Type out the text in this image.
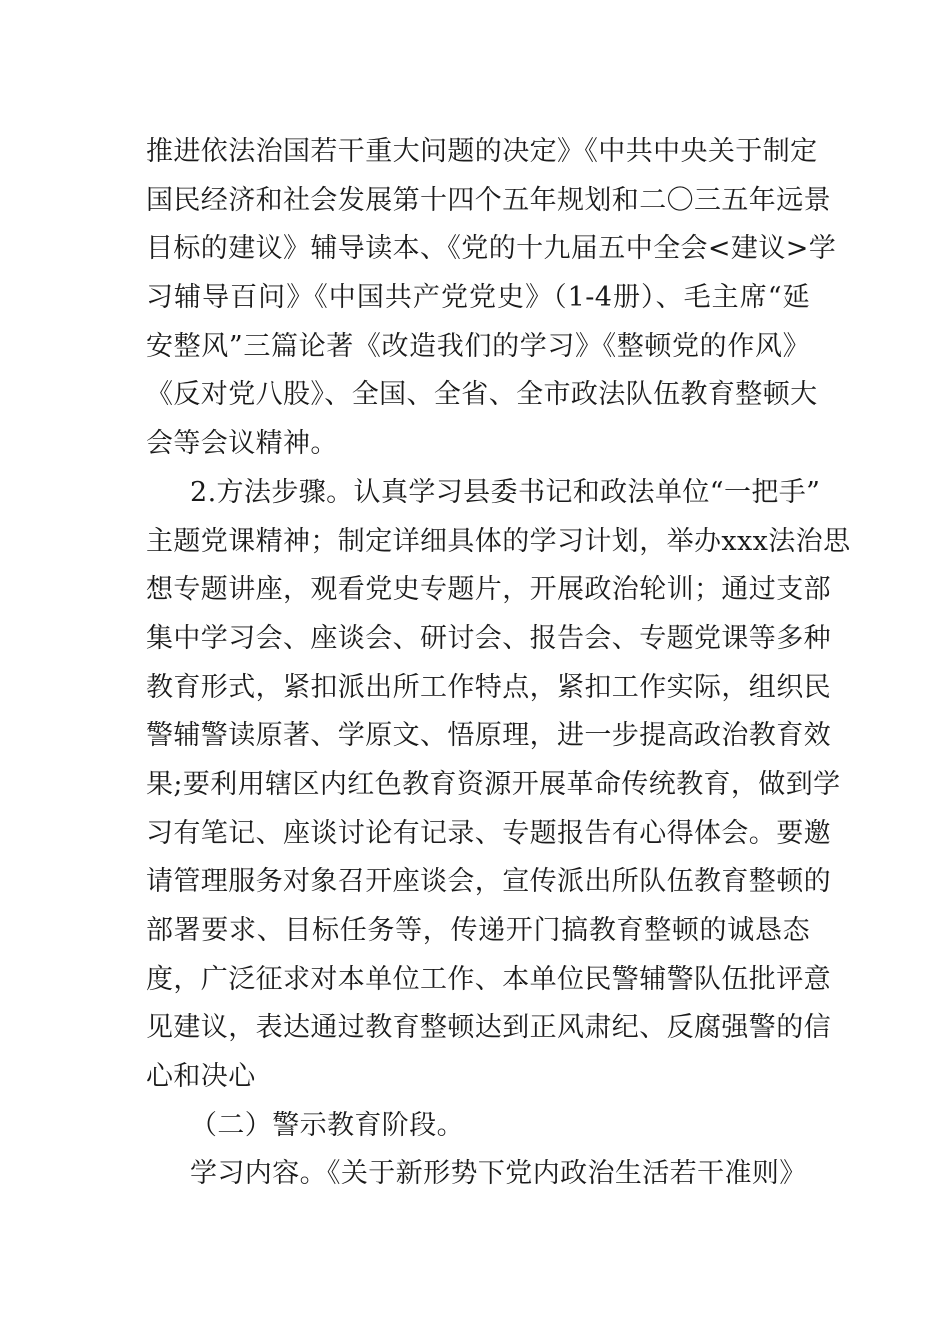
推进依法治国若干重大问题的决定》《中共中央关于制定
国民经济和社会发展第十四个五年规划和二〇三五年远景
目标的建议》辅导读本、《党的十九届五中全会<建议>学
习辅导百问》《中国共产党党史》（1-4册）、毛主席“延
安整风”三篇论著《改造我们的学习》《整顿党的作风》
《反对党八股》、全国、全省、全市政法队伍教育整顿大
会等会议精神。
2.方法步骤。认真学习县委书记和政法单位“一把手”
主题党课精神；制定详细具体的学习计划，举办xxx法治思
想专题讲座，观看党史专题片，开展政治轮训；通过支部
集中学习会、座谈会、研讨会、报告会、专题党课等多种
教育形式，紧扣派出所工作特点，紧扣工作实际，组织民
警辅警读原著、学原文、悟原理，进一步提高政治教育效
果;要利用辖区内红色教育资源开展革命传统教育，做到学
习有笔记、座谈讨论有记录、专题报告有心得体会。要邀
请管理服务对象召开座谈会，宣传派出所队伍教育整顿的
部署要求、目标任务等，传递开门搞教育整顿的诚恳态
度，广泛征求对本单位工作、本单位民警辅警队伍批评意
见建议，表达通过教育整顿达到正风肃纪、反腐强警的信
心和决心
（二）警示教育阶段。
学习内容。《关于新形势下党内政治生活若干准则》
